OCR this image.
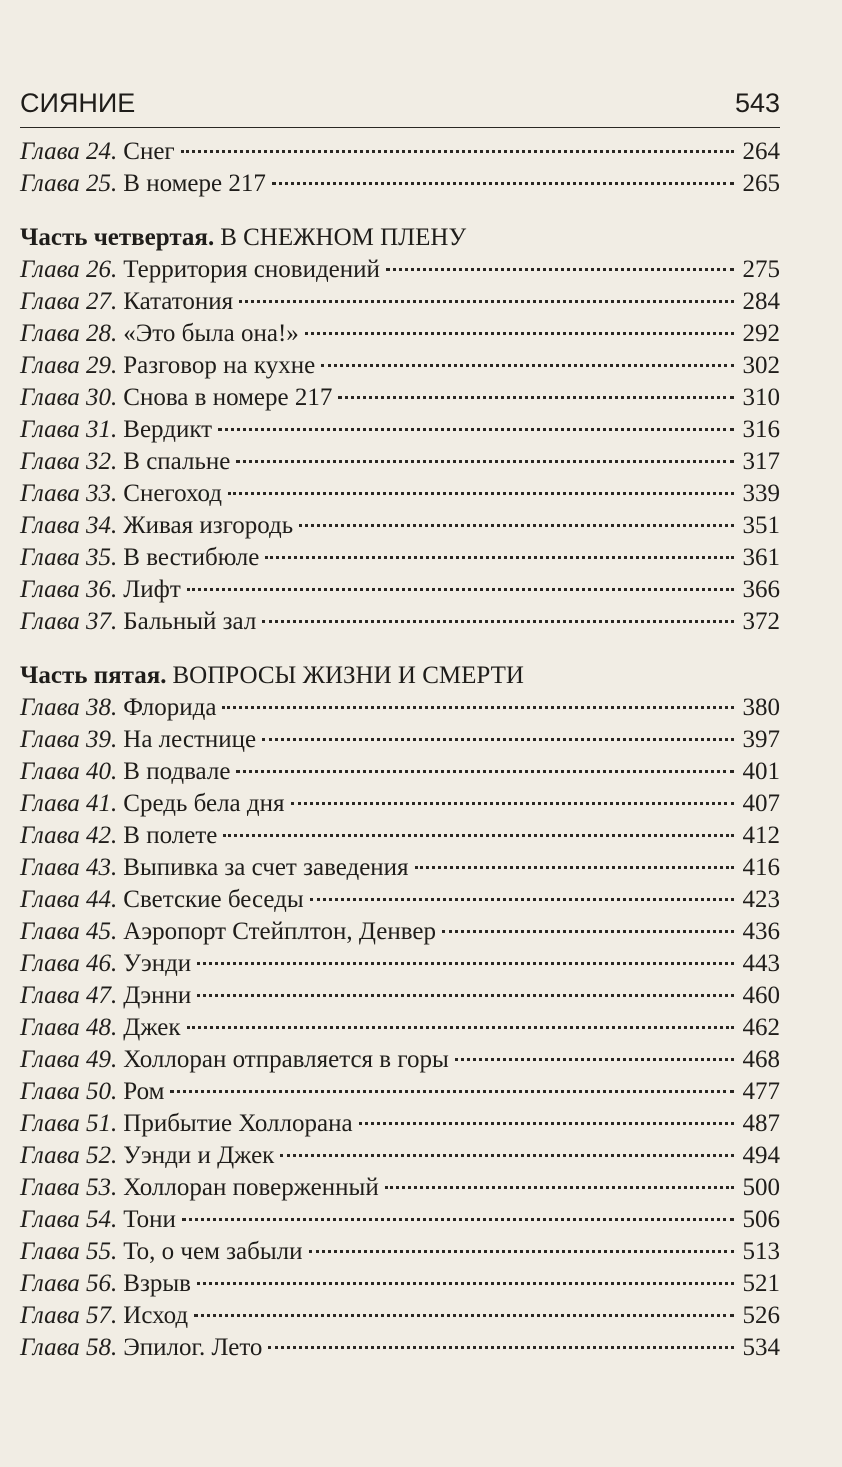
СИЯНИЕ	543
Глава 24. Снег	264
Глава 25. В номере 217	265
Часть четвертая. В СНЕЖНОМ ПЛЕНУ
Глава 26. Территория сновидений	275
Глава 27. Кататония	284
Глава 28. «Это была она!»	292
Глава 29. Разговор на кухне	302
Глава 30. Снова в номере 217	310
Глава 31. Вердикт	316
Глава 32. В спальне	317
Глава 33. Снегоход	339
Глава 34. Живая изгородь	351
Глава 35. В вестибюле	361
Глава 36. Лифт	366
Глава 37. Бальный зал	372
Часть пятая. ВОПРОСЫ ЖИЗНИ И СМЕРТИ
Глава 38. Флорида	380
Глава 39. На лестнице	397
Глава 40. В подвале	401
Глава 41. Средь бела дня	407
Глава 42. В полете	412
Глава 43. Выпивка за счет заведения	416
Глава 44. Светские беседы	423
Глава 45. Аэропорт Стейплтон, Денвер	436
Глава 46. Уэнди	443
Глава 47. Дэнни	460
Глава 48. Джек	462
Глава 49. Холлоран отправляется в горы	468
Глава 50. Ром	477
Глава 51. Прибытие Холлорана	487
Глава 52. Уэнди и Джек	494
Глава 53. Холлоран поверженный	500
Глава 54. Тони	506
Глава 55. То, о чем забыли	513
Глава 56. Взрыв	521
Глава 57. Исход	526
Глава 58. Эпилог. Лето	534
